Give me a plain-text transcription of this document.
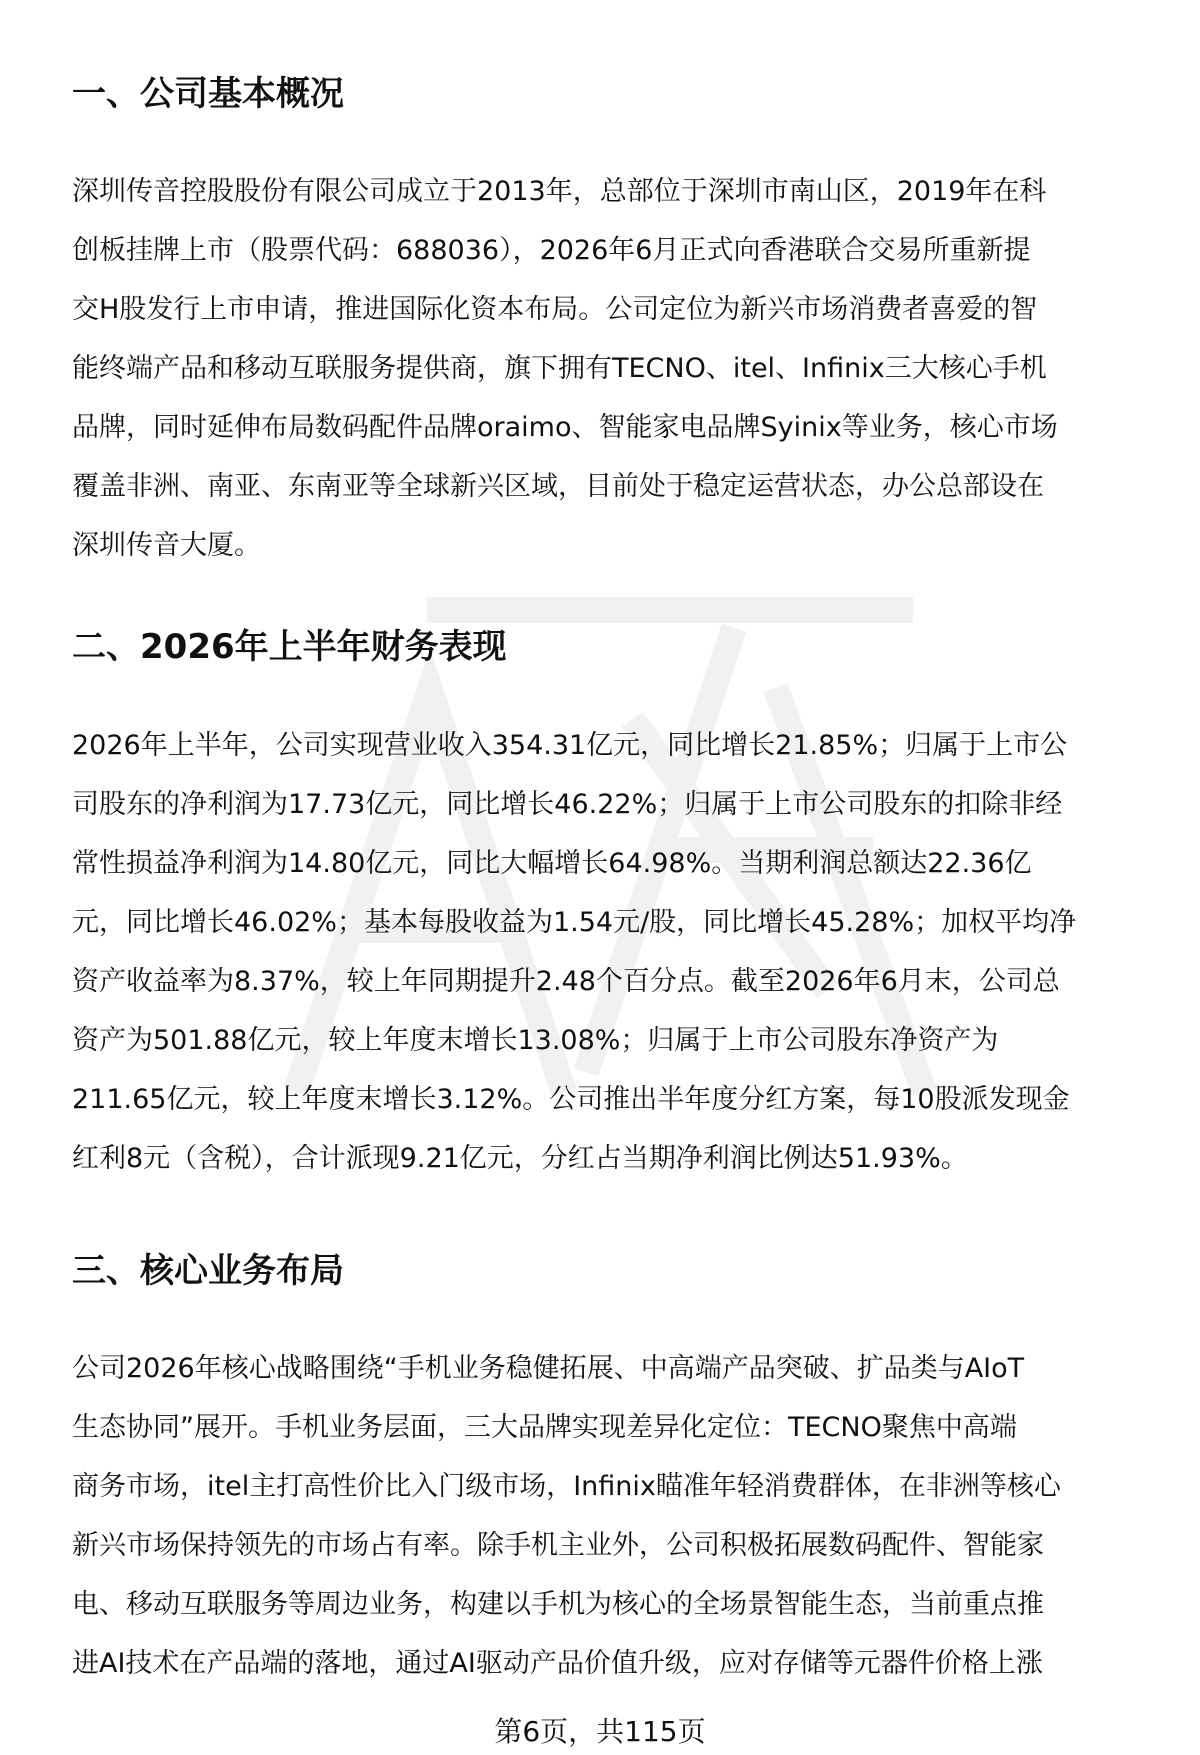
一、公司基本概况

深圳传音控股股份有限公司成立于2013年，总部位于深圳市南山区，2019年在科
创板挂牌上市（股票代码：688036），2026年6月正式向香港联合交易所重新提
交H股发行上市申请，推进国际化资本布局。公司定位为新兴市场消费者喜爱的智
能终端产品和移动互联服务提供商，旗下拥有TECNO、itel、Infinix三大核心手机
品牌，同时延伸布局数码配件品牌oraimo、智能家电品牌Syinix等业务，核心市场
覆盖非洲、南亚、东南亚等全球新兴区域，目前处于稳定运营状态，办公总部设在
深圳传音大厦。

二、2026年上半年财务表现

2026年上半年，公司实现营业收入354.31亿元，同比增长21.85%；归属于上市公
司股东的净利润为17.73亿元，同比增长46.22%；归属于上市公司股东的扣除非经
常性损益净利润为14.80亿元，同比大幅增长64.98%。当期利润总额达22.36亿
元，同比增长46.02%；基本每股收益为1.54元/股，同比增长45.28%；加权平均净
资产收益率为8.37%，较上年同期提升2.48个百分点。截至2026年6月末，公司总
资产为501.88亿元，较上年度末增长13.08%；归属于上市公司股东净资产为
211.65亿元，较上年度末增长3.12%。公司推出半年度分红方案，每10股派发现金
红利8元（含税），合计派现9.21亿元，分红占当期净利润比例达51.93%。

三、核心业务布局

公司2026年核心战略围绕“手机业务稳健拓展、中高端产品突破、扩品类与AIoT
生态协同”展开。手机业务层面，三大品牌实现差异化定位：TECNO聚焦中高端
商务市场，itel主打高性价比入门级市场，Infinix瞄准年轻消费群体，在非洲等核心
新兴市场保持领先的市场占有率。除手机主业外，公司积极拓展数码配件、智能家
电、移动互联服务等周边业务，构建以手机为核心的全场景智能生态，当前重点推
进AI技术在产品端的落地，通过AI驱动产品价值升级，应对存储等元器件价格上涨

第6页，共115页
